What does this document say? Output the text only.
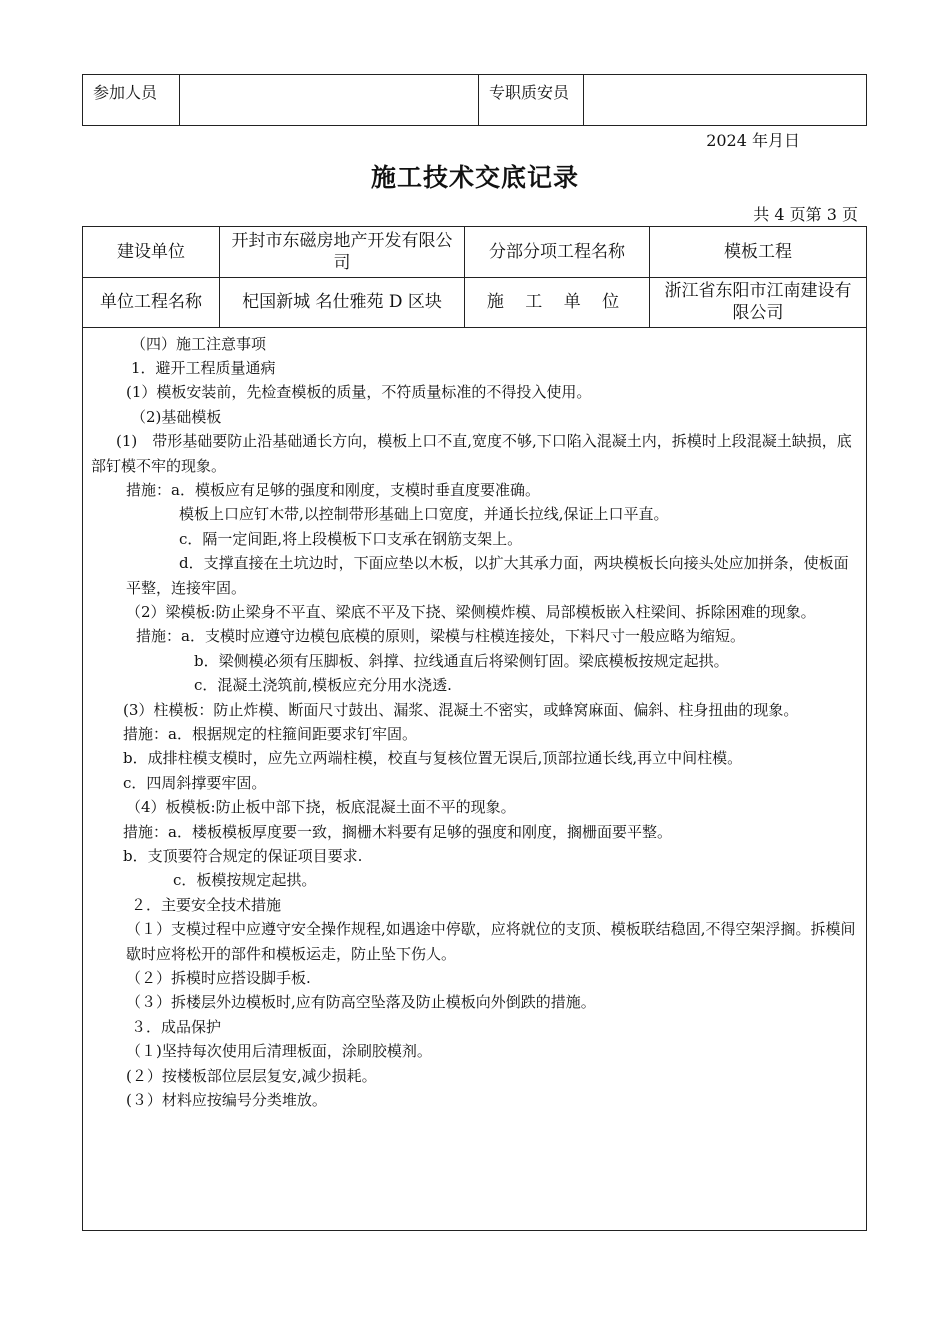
参加人员		专职质安员	
2024 年月日
施工技术交底记录
共 4 页第 3 页
建设单位	开封市东磁房地产开发有限公司	分部分项工程名称	模板工程
单位工程名称	杞国新城 名仕雅苑 D 区块	施 工 单 位	浙江省东阳市江南建设有限公司

（四）施工注意事项

1．避开工程质量通病

(1）模板安装前，先检查模板的质量，不符质量标准的不得投入使用。

（2)基础模板

(1)　带形基础要防止沿基础通长方向，模板上口不直,宽度不够,下口陷入混凝土内，拆模时上段混凝土缺损，底部钉模不牢的现象。

措施：a．模板应有足够的强度和刚度，支模时垂直度要准确。

模板上口应钉木带,以控制带形基础上口宽度，并通长拉线,保证上口平直。

c．隔一定间距,将上段模板下口支承在钢筋支架上。

d．支撑直接在土坑边时，下面应垫以木板，以扩大其承力面，两块模板长向接头处应加拼条，使板面平整，连接牢固。

（2）梁模板:防止梁身不平直、梁底不平及下挠、梁侧模炸模、局部模板嵌入柱梁间、拆除困难的现象。

措施：a．支模时应遵守边模包底模的原则，梁模与柱模连接处，下料尺寸一般应略为缩短。

b．梁侧模必须有压脚板、斜撑、拉线通直后将梁侧钉固。梁底模板按规定起拱。

c．混凝土浇筑前,模板应充分用水浇透.

(3）柱模板：防止炸模、断面尺寸鼓出、漏浆、混凝土不密实，或蜂窝麻面、偏斜、柱身扭曲的现象。

措施：a．根据规定的柱箍间距要求钉牢固。

b．成排柱模支模时，应先立两端柱模，校直与复核位置无误后,顶部拉通长线,再立中间柱模。

c．四周斜撑要牢固。

（4）板模板:防止板中部下挠，板底混凝土面不平的现象。

措施：a．楼板模板厚度要一致，搁栅木料要有足够的强度和刚度，搁栅面要平整。

b．支顶要符合规定的保证项目要求.

c．板模按规定起拱。

２．主要安全技术措施

（１）支模过程中应遵守安全操作规程,如遇途中停歇，应将就位的支顶、模板联结稳固,不得空架浮搁。拆模间歇时应将松开的部件和模板运走，防止坠下伤人。

（２）拆模时应搭设脚手板.

（３）拆楼层外边模板时,应有防高空坠落及防止模板向外倒跌的措施。

３．成品保护

（１)坚持每次使用后清理板面，涂刷胶模剂。

(２）按楼板部位层层复安,减少损耗。

(３）材料应按编号分类堆放。
